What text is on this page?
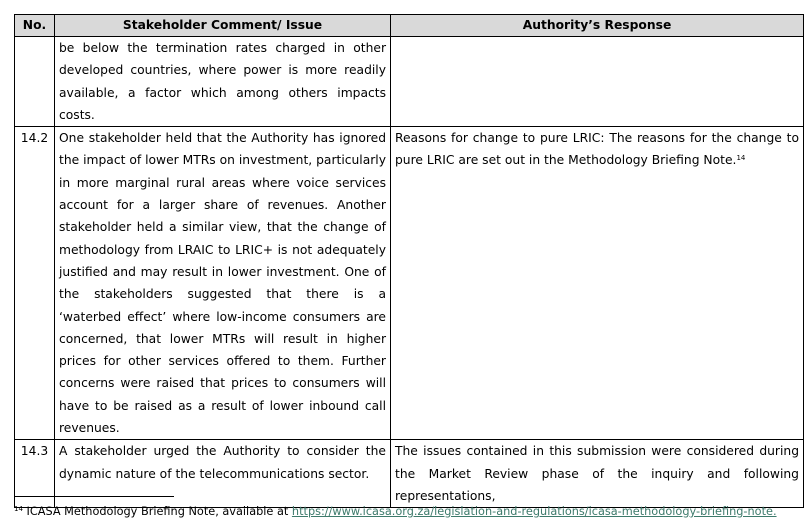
No.	Stakeholder Comment/ Issue	Authority’s Response
	be below the termination rates charged in other developed countries, where power is more readily available, a factor which among others impacts costs.	
14.2	One stakeholder held that the Authority has ignored the impact of lower MTRs on investment, particularly in more marginal rural areas where voice services account for a larger share of revenues. Another stakeholder held a similar view, that the change of methodology from LRAIC to LRIC+ is not adequately justified and may result in lower investment. One of the stakeholders suggested that there is a ‘waterbed effect’ where low-income consumers are concerned, that lower MTRs will result in higher prices for other services offered to them. Further concerns were raised that prices to consumers will have to be raised as a result of lower inbound call revenues.	Reasons for change to pure LRIC: The reasons for the change to pure LRIC are set out in the Methodology Briefing Note.$^{14}$
14.3	A stakeholder urged the Authority to consider the dynamic nature of the telecommunications sector.	The issues contained in this submission were considered during the Market Review phase of the inquiry and following representations,
$^{14}$ ICASA Methodology Briefing Note, available at https://www.icasa.org.za/legislation-and-regulations/icasa-methodology-briefing-note.
